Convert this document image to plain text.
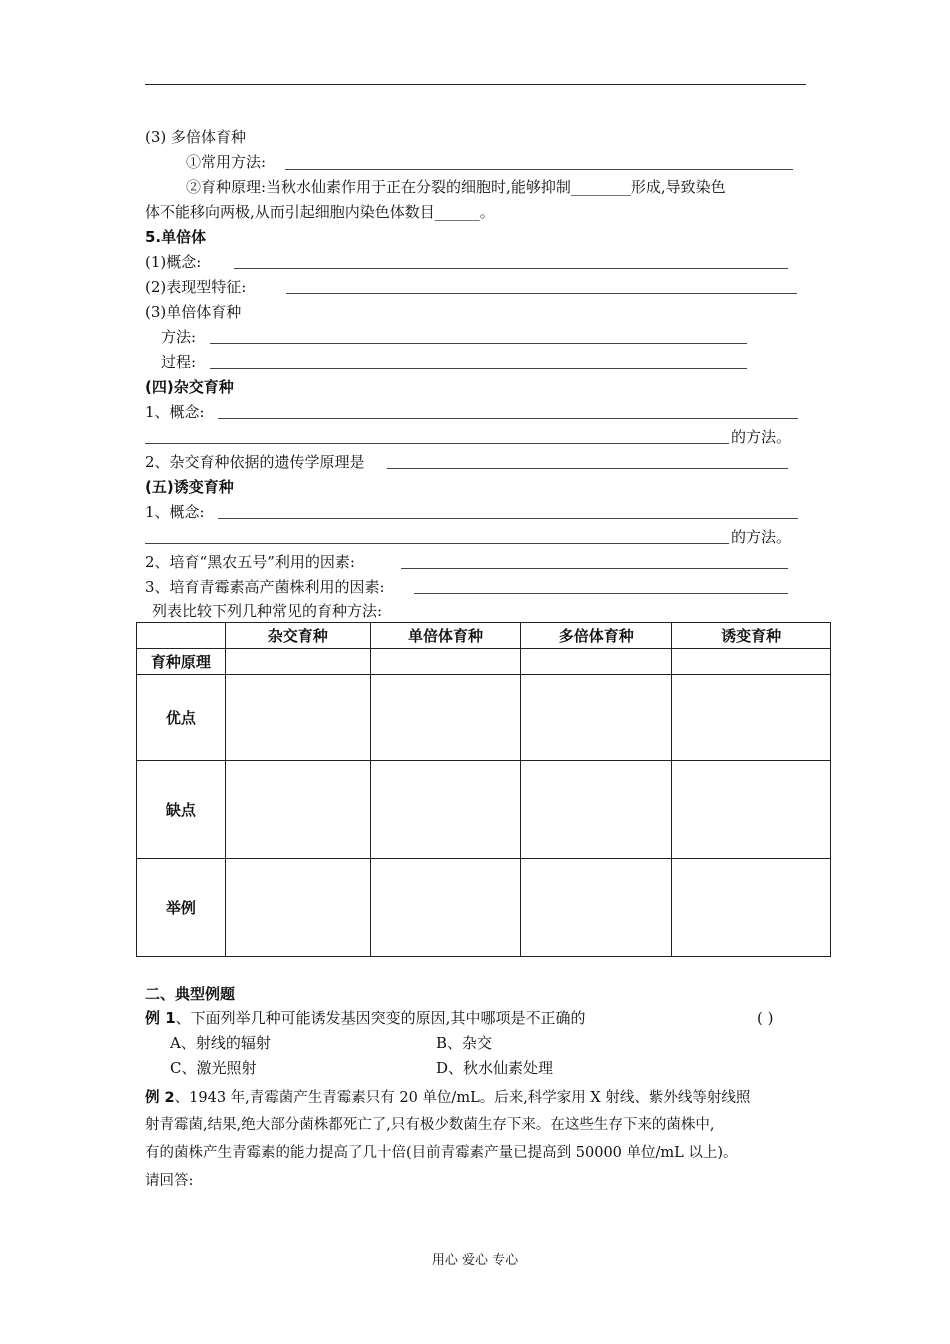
(3) 多倍体育种
①常用方法:
②育种原理:当秋水仙素作用于正在分裂的细胞时,能够抑制________形成,导致染色
体不能移向两极,从而引起细胞内染色体数目______。
5.单倍体
(1)概念:
(2)表现型特征:
(3)单倍体育种
方法:
过程:
(四)杂交育种
1、概念:
的方法。
2、杂交育种依据的遗传学原理是
(五)诱变育种
1、概念:
的方法。
2、培育“黑农五号”利用的因素:
3、培育青霉素高产菌株利用的因素:
列表比较下列几种常见的育种方法:
	杂交育种	单倍体育种	多倍体育种	诱变育种
育种原理				
优点				
缺点				
举例				
二、典型例题
例 1、下面列举几种可能诱发基因突变的原因,其中哪项是不正确的	( )
A、射线的辐射	B、杂交
C、激光照射	D、秋水仙素处理
例 2、1943 年,青霉菌产生青霉素只有 20 单位/mL。后来,科学家用 X 射线、紫外线等射线照
射青霉菌,结果,绝大部分菌株都死亡了,只有极少数菌生存下来。在这些生存下来的菌株中,
有的菌株产生青霉素的能力提高了几十倍(目前青霉素产量已提高到 50000 单位/mL 以上)。
请回答:
用心 爱心 专心
